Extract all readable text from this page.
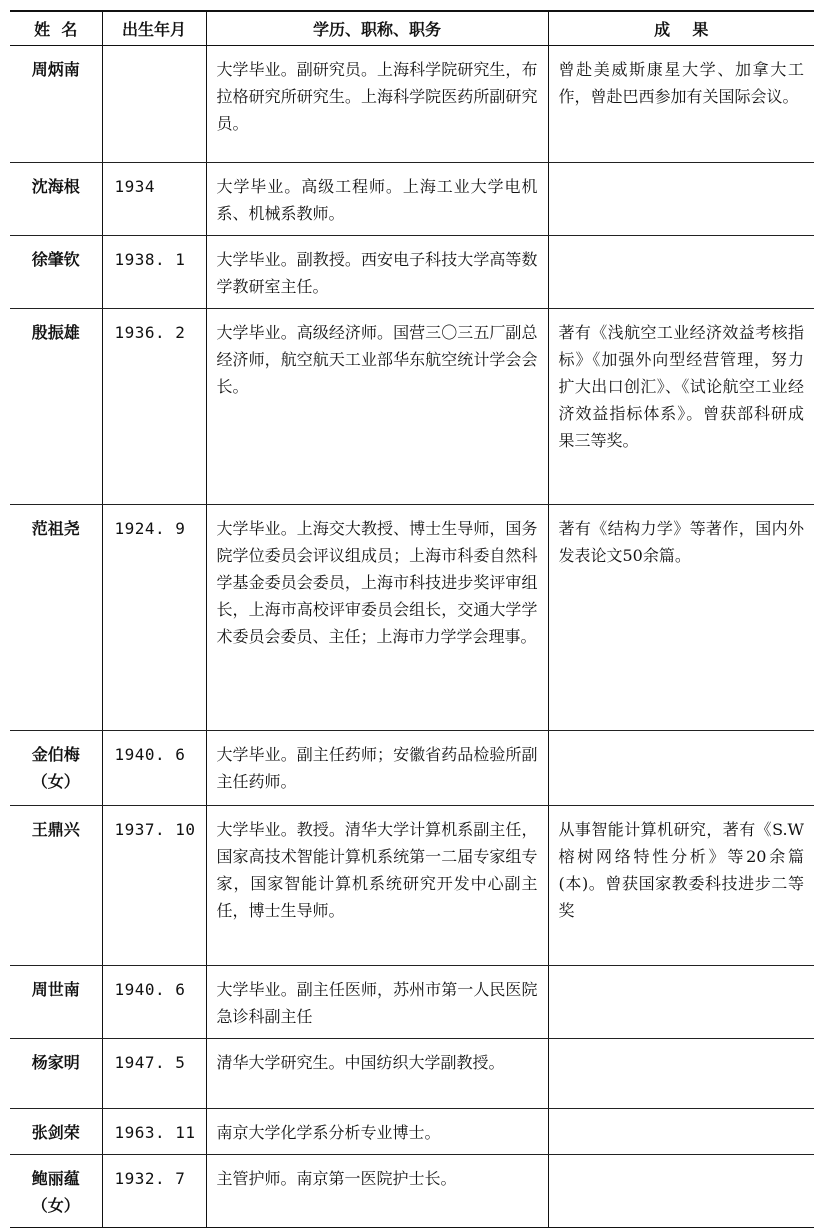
姓  名	出生年月	学历、职称、职务	成    果
周炳南		大学毕业。副研究员。上海科学院研究生，布拉格研究所研究生。上海科学院医药所副研究员。	曾赴美威斯康星大学、加拿大工作，曾赴巴西参加有关国际会议。
沈海根	1934	大学毕业。高级工程师。上海工业大学电机系、机械系教师。	
徐肇钦	1938. 1	大学毕业。副教授。西安电子科技大学高等数学教研室主任。	
殷振雄	1936. 2	大学毕业。高级经济师。国营三〇三五厂副总经济师，航空航天工业部华东航空统计学会会长。	著有《浅航空工业经济效益考核指标》《加强外向型经营管理，努力扩大出口创汇》、《试论航空工业经济效益指标体系》。曾获部科研成果三等奖。
范祖尧	1924. 9	大学毕业。上海交大教授、博士生导师，国务院学位委员会评议组成员；上海市科委自然科学基金委员会委员，上海市科技进步奖评审组长，上海市高校评审委员会组长，交通大学学术委员会委员、主任；上海市力学学会理事。	著有《结构力学》等著作，国内外发表论文50余篇。
金伯梅（女）	1940. 6	大学毕业。副主任药师；安徽省药品检验所副主任药师。	
王鼎兴	1937. 10	大学毕业。教授。清华大学计算机系副主任，国家高技术智能计算机系统第一二届专家组专家，国家智能计算机系统研究开发中心副主任，博士生导师。	从事智能计算机研究，著有《S.W榕树网络特性分析》等20余篇(本)。曾获国家教委科技进步二等奖
周世南	1940. 6	大学毕业。副主任医师，苏州市第一人民医院急诊科副主任	
杨家明	1947. 5	清华大学研究生。中国纺织大学副教授。	
张剑荣	1963. 11	南京大学化学系分析专业博士。	
鲍丽蕴（女）	1932. 7	主管护师。南京第一医院护士长。	
